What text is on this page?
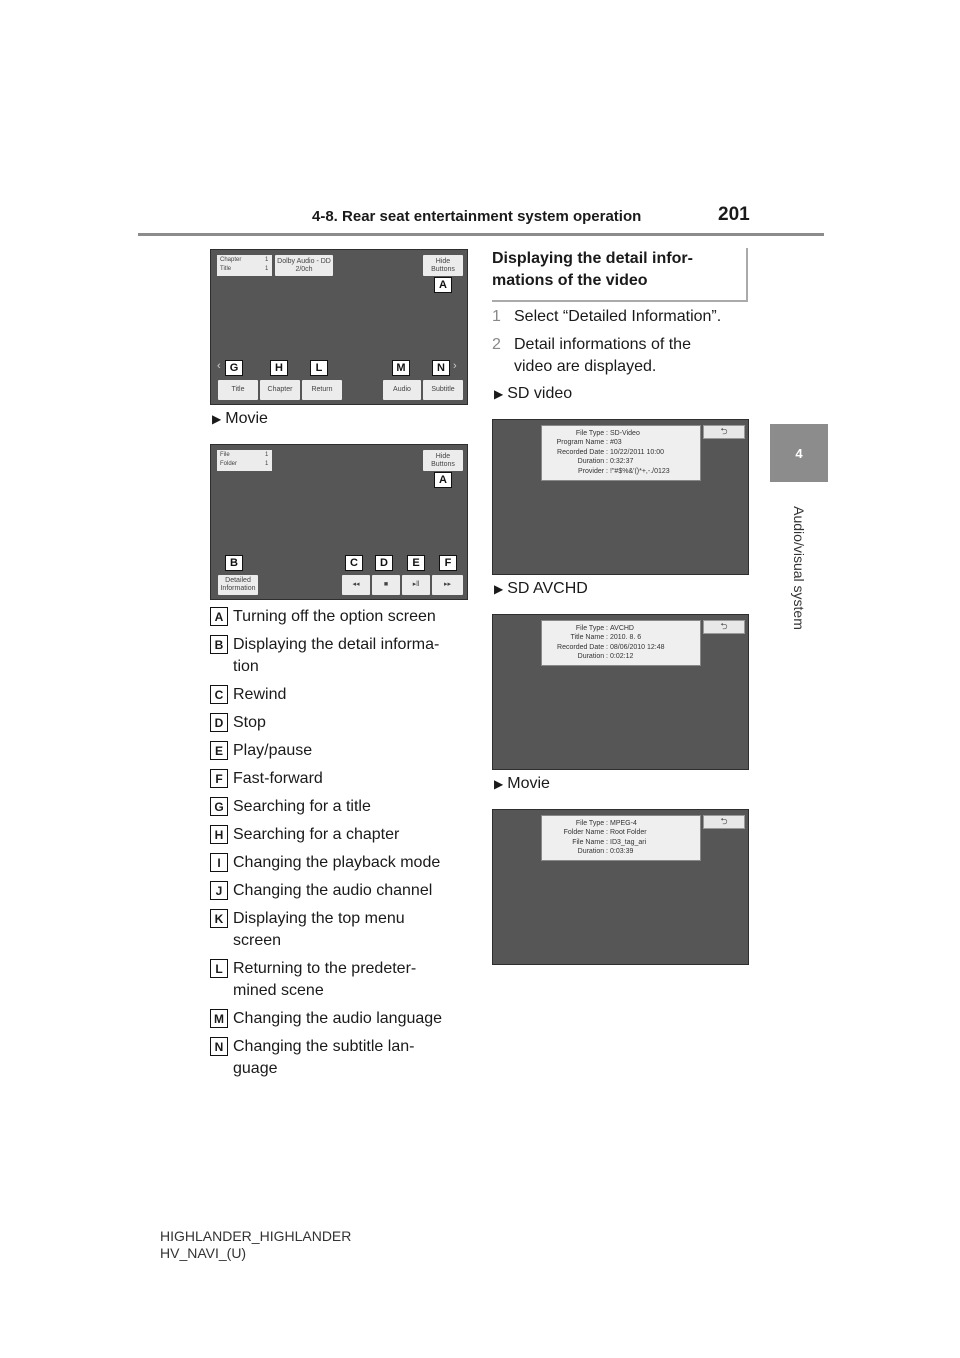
4-8. Rear seat entertainment system operation	201
4
Audio/visual system
Chapter	1
Title	1
Dolby Audio - DD
2/0ch
Hide
Buttons
‹	›
Title	Chapter	Return	Audio	Subtitle
A
G	H	L	M	N
▶ Movie
File	1
Folder	1
Hide
Buttons
Detailed
Information
◂◂	■	▸ll	▸▸
A
B	C	D	E	F
A Turning off the option screen
B Displaying the detail informa-
tion
C Rewind
D Stop
E Play/pause
F Fast-forward
G Searching for a title
H Searching for a chapter
I Changing the playback mode
J Changing the audio channel
K Displaying the top menu
screen
L Returning to the predeter-
mined scene
M Changing the audio language
N Changing the subtitle lan-
guage
Displaying the detail infor-
mations of the video
1 Select “Detailed Information”.
2 Detail informations of the
video are displayed.
▶ SD video
File Type : SD-Video
Program Name : #03
Recorded Date : 10/22/2011 10:00
Duration : 0:32:37
Provider : !"#$%&'()*+,-./0123
⮌
▶ SD AVCHD
File Type : AVCHD
Title Name : 2010. 8. 6
Recorded Date : 08/06/2010 12:48
Duration : 0:02:12
⮌
▶ Movie
File Type : MPEG-4
Folder Name : Root Folder
File Name : ID3_tag_ari
Duration : 0:03:39
⮌
HIGHLANDER_HIGHLANDER
HV_NAVI_(U)
